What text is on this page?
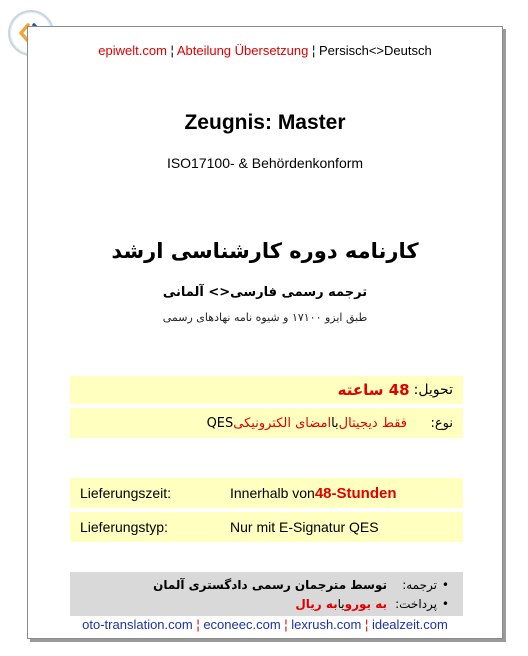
epiwelt.com ¦ Abteilung Übersetzung ¦ Persisch<>Deutsch
Zeugnis: Master
ISO17100- & Behördenkonform
کارنامه دوره کارشناسی ارشد
ترجمه رسمی فارسی<> آلمانی
طبق ایزو ۱۷۱۰۰ و شیوه نامه نهادهای رسمی
تحویل:
48 ساعته
نوع:
فقط دیجیتال
با
امضای الکترونیکی
QES
Lieferungszeit:	Innerhalb von 48-Stunden
Lieferungstyp:	Nur mit E-Signatur QES
•
ترجمه:
توسط مترجمان رسمی دادگستری آلمان
•
پرداخت:
به یورو
یا
به ریال
oto-translation.com ¦ econeec.com ¦ lexrush.com ¦ idealzeit.com
